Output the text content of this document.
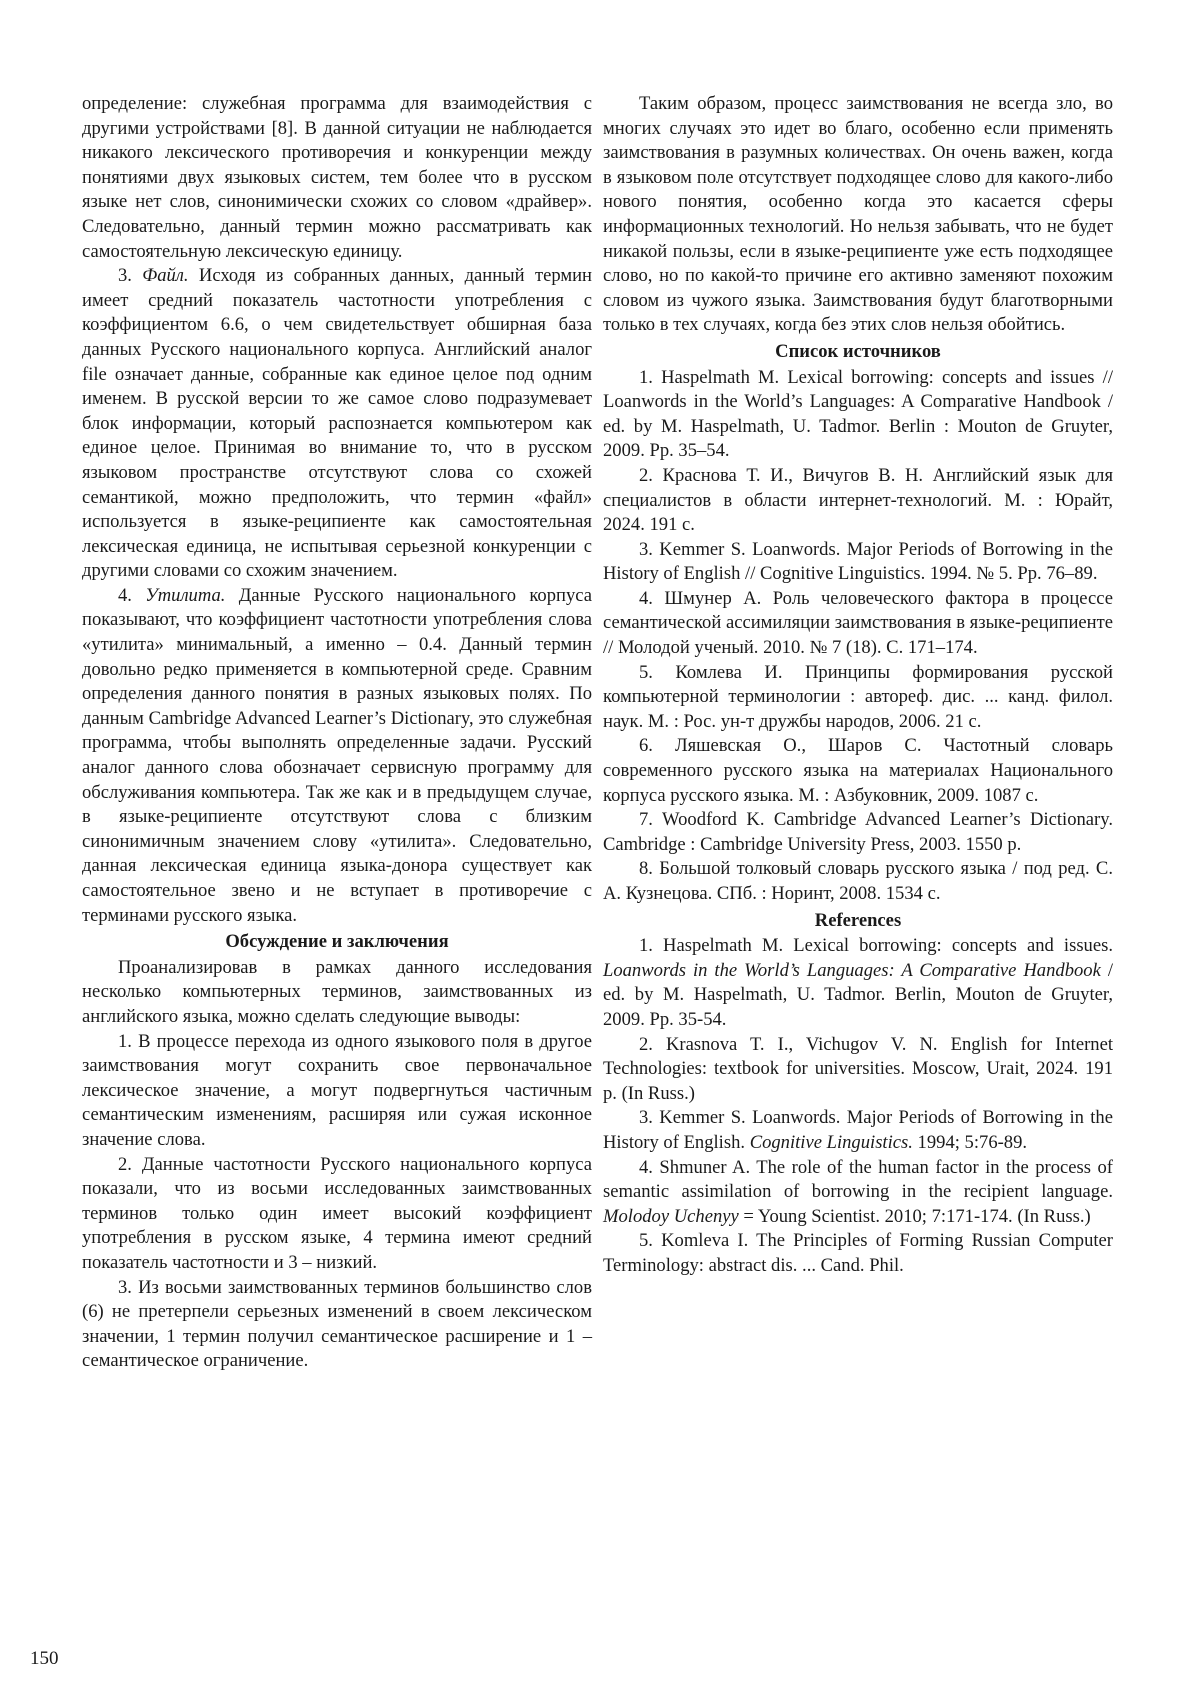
определение: служебная программа для взаимодействия с другими устройствами [8]. В данной ситуации не наблюдается никакого лексического противоречия и конкуренции между понятиями двух языковых систем, тем более что в русском языке нет слов, синонимически схожих со словом «драйвер». Следовательно, данный термин можно рассматривать как самостоятельную лексическую единицу.

3. Файл. Исходя из собранных данных, данный термин имеет средний показатель частотности употребления с коэффициентом 6.6, о чем свидетельствует обширная база данных Русского национального корпуса. Английский аналог file означает данные, собранные как единое целое под одним именем. В русской версии то же самое слово подразумевает блок информации, который распознается компьютером как единое целое. Принимая во внимание то, что в русском языковом пространстве отсутствуют слова со схожей семантикой, можно предположить, что термин «файл» используется в языке-реципиенте как самостоятельная лексическая единица, не испытывая серьезной конкуренции с другими словами со схожим значением.

4. Утилита. Данные Русского национального корпуса показывают, что коэффициент частотности употребления слова «утилита» минимальный, а именно – 0.4. Данный термин довольно редко применяется в компьютерной среде. Сравним определения данного понятия в разных языковых полях. По данным Cambridge Advanced Learner’s Dictionary, это служебная программа, чтобы выполнять определенные задачи. Русский аналог данного слова обозначает сервисную программу для обслуживания компьютера. Так же как и в предыдущем случае, в языке-реципиенте отсутствуют слова с близким синонимичным значением слову «утилита». Следовательно, данная лексическая единица языка-донора существует как самостоятельное звено и не вступает в противоречие с терминами русского языка.

Обсуждение и заключения

Проанализировав в рамках данного исследования несколько компьютерных терминов, заимствованных из английского языка, можно сделать следующие выводы:

1. В процессе перехода из одного языкового поля в другое заимствования могут сохранить свое первоначальное лексическое значение, а могут подвергнуться частичным семантическим изменениям, расширяя или сужая исконное значение слова.

2. Данные частотности Русского национального корпуса показали, что из восьми исследованных заимствованных терминов только один имеет высокий коэффициент употребления в русском языке, 4 термина имеют средний показатель частотности и 3 – низкий.

3. Из восьми заимствованных терминов большинство слов (6) не претерпели серьезных изменений в своем лексическом значении, 1 термин получил семантическое расширение и 1 – семантическое ограничение.

Таким образом, процесс заимствования не всегда зло, во многих случаях это идет во благо, особенно если применять заимствования в разумных количествах. Он очень важен, когда в языковом поле отсутствует подходящее слово для какого-либо нового понятия, особенно когда это касается сферы информационных технологий. Но нельзя забывать, что не будет никакой пользы, если в языке-реципиенте уже есть подходящее слово, но по какой-то причине его активно заменяют похожим словом из чужого языка. Заимствования будут благотворными только в тех случаях, когда без этих слов нельзя обойтись.

Список источников

1. Haspelmath M. Lexical borrowing: concepts and issues // Loanwords in the World’s Languages: A Comparative Handbook / ed. by M. Haspelmath, U. Tadmor. Berlin : Mouton de Gruyter, 2009. Pp. 35–54.

2. Краснова Т. И., Вичугов В. Н. Английский язык для специалистов в области интернет-технологий. М. : Юрайт, 2024. 191 с.

3. Kemmer S. Loanwords. Major Periods of Borrowing in the History of English // Cognitive Linguistics. 1994. № 5. Pp. 76–89.

4. Шмунер А. Роль человеческого фактора в процессе семантической ассимиляции заимствования в языке-реципиенте // Молодой ученый. 2010. № 7 (18). С. 171–174.

5. Комлева И. Принципы формирования русской компьютерной терминологии : автореф. дис. ... канд. филол. наук. М. : Рос. ун-т дружбы народов, 2006. 21 с.

6. Ляшевская О., Шаров С. Частотный словарь современного русского языка на материалах Национального корпуса русского языка. М. : Азбуковник, 2009. 1087 с.

7. Woodford K. Cambridge Advanced Learner’s Dictionary. Cambridge : Cambridge University Press, 2003. 1550 p.

8. Большой толковый словарь русского языка / под ред. С. А. Кузнецова. СПб. : Норинт, 2008. 1534 с.

References

1. Haspelmath M. Lexical borrowing: concepts and issues. Loanwords in the World’s Languages: A Comparative Handbook / ed. by M. Haspelmath, U. Tadmor. Berlin, Mouton de Gruyter, 2009. Pp. 35-54.

2. Krasnova T. I., Vichugov V. N. English for Internet Technologies: textbook for universities. Moscow, Urait, 2024. 191 p. (In Russ.)

3. Kemmer S. Loanwords. Major Periods of Borrowing in the History of English. Cognitive Linguistics. 1994; 5:76-89.

4. Shmuner A. The role of the human factor in the process of semantic assimilation of borrowing in the recipient language. Molodoy Uchenyy = Young Scientist. 2010; 7:171-174. (In Russ.)

5. Komleva I. The Principles of Forming Russian Computer Terminology: abstract dis. ... Cand. Phil.

150
